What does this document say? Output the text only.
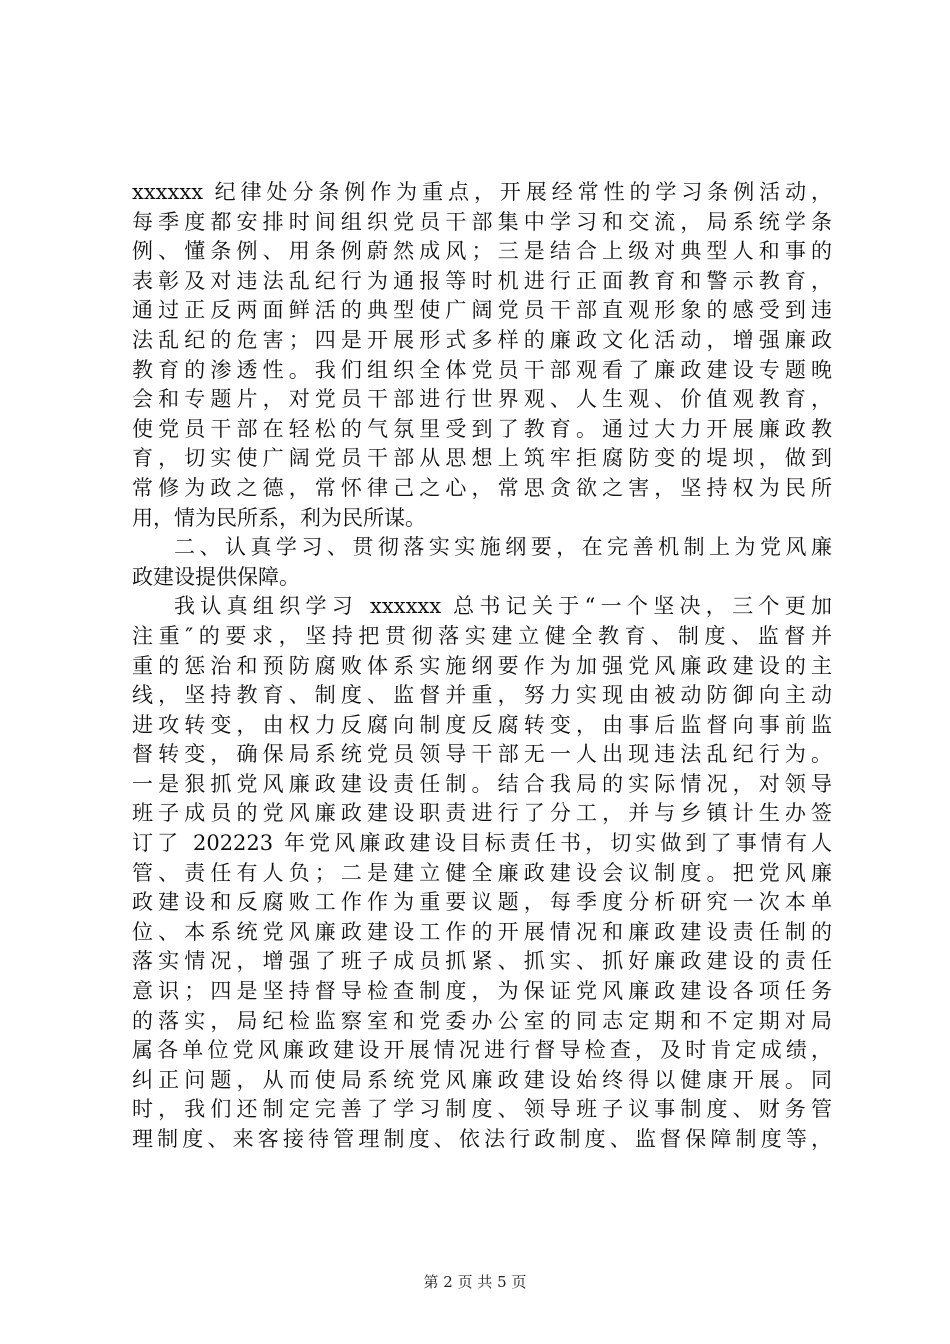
xxxxxx 纪律处分条例作为重点，开展经常性的学习条例活动，
每季度都安排时间组织党员干部集中学习和交流，局系统学条
例、懂条例、用条例蔚然成风；三是结合上级对典型人和事的
表彰及对违法乱纪行为通报等时机进行正面教育和警示教育，
通过正反两面鲜活的典型使广阔党员干部直观形象的感受到违
法乱纪的危害；四是开展形式多样的廉政文化活动，增强廉政
教育的渗透性。我们组织全体党员干部观看了廉政建设专题晚
会和专题片，对党员干部进行世界观、人生观、价值观教育，
使党员干部在轻松的气氛里受到了教育。通过大力开展廉政教
育，切实使广阔党员干部从思想上筑牢拒腐防变的堤坝，做到
常修为政之德，常怀律己之心，常思贪欲之害，坚持权为民所
用，情为民所系，利为民所谋。
二、认真学习、贯彻落实实施纲要，在完善机制上为党风廉
政建设提供保障。
我认真组织学习 xxxxxx 总书记关于“一个坚决，三个更加
注重″的要求，坚持把贯彻落实建立健全教育、制度、监督并
重的惩治和预防腐败体系实施纲要作为加强党风廉政建设的主
线，坚持教育、制度、监督并重，努力实现由被动防御向主动
进攻转变，由权力反腐向制度反腐转变，由事后监督向事前监
督转变，确保局系统党员领导干部无一人出现违法乱纪行为。
一是狠抓党风廉政建设责任制。结合我局的实际情况，对领导
班子成员的党风廉政建设职责进行了分工，并与乡镇计生办签
订了 202223 年党风廉政建设目标责任书，切实做到了事情有人
管、责任有人负；二是建立健全廉政建设会议制度。把党风廉
政建设和反腐败工作作为重要议题，每季度分析研究一次本单
位、本系统党风廉政建设工作的开展情况和廉政建设责任制的
落实情况，增强了班子成员抓紧、抓实、抓好廉政建设的责任
意识；四是坚持督导检查制度，为保证党风廉政建设各项任务
的落实，局纪检监察室和党委办公室的同志定期和不定期对局
属各单位党风廉政建设开展情况进行督导检查，及时肯定成绩，
纠正问题，从而使局系统党风廉政建设始终得以健康开展。同
时，我们还制定完善了学习制度、领导班子议事制度、财务管
理制度、来客接待管理制度、依法行政制度、监督保障制度等，
第 2 页 共 5 页
